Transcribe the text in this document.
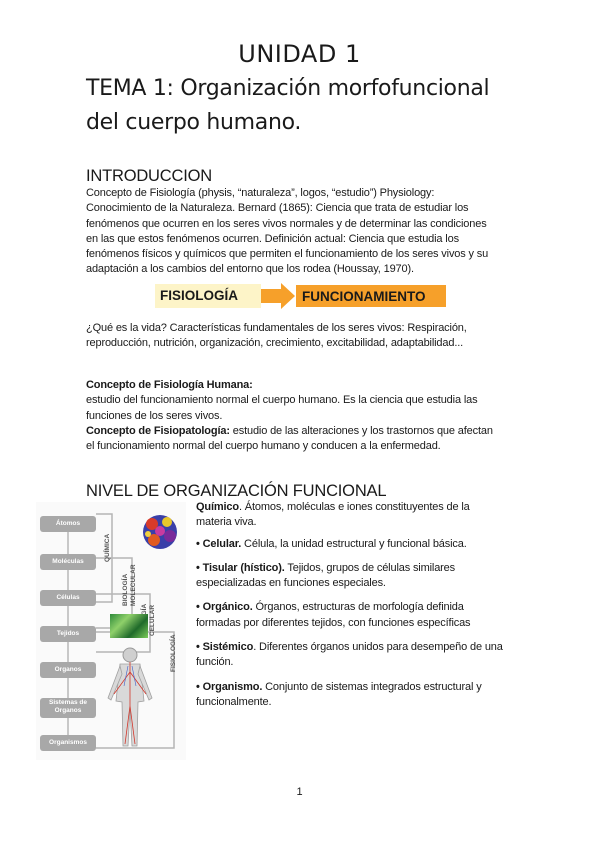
UNIDAD 1
TEMA 1: Organización morfofuncional
del cuerpo humano.
INTRODUCCION
Concepto de Fisiología (physis, “naturaleza”, logos, “estudio”) Physiology:
Conocimiento de la Naturaleza. Bernard (1865): Ciencia que trata de estudiar los
fenómenos que ocurren en los seres vivos normales y de determinar las condiciones
en las que estos fenómenos ocurren. Definición actual: Ciencia que estudia los
fenómenos físicos y químicos que permiten el funcionamiento de los seres vivos y su
adaptación a los cambios del entorno que los rodea (Houssay, 1970).
FISIOLOGÍA	FUNCIONAMIENTO
¿Qué es la vida? Características fundamentales de los seres vivos: Respiración,
reproducción, nutrición, organización, crecimiento, excitabilidad, adaptabilidad...
Concepto de Fisiología Humana:
estudio del funcionamiento normal el cuerpo humano. Es la ciencia que estudia las
funciones de los seres vivos.
Concepto de Fisiopatología: estudio de las alteraciones y los trastornos que afectan
el funcionamiento normal del cuerpo humano y conducen a la enfermedad.
NIVEL DE ORGANIZACIÓN FUNCIONAL
Átomos
Moléculas
Células
Tejidos
Organos
Sistemas de Organos
Organismos
QUÍMICA
BIOLOGÍA MOLECULAR
CELULAR
FISIOLOGÍA
Químico. Átomos, moléculas e iones constituyentes de la
materia viva.
• Celular. Célula, la unidad estructural y funcional básica.
• Tisular (hístico). Tejidos, grupos de células similares
especializadas en funciones especiales.
• Orgánico. Órganos, estructuras de morfología definida
formadas por diferentes tejidos, con funciones específicas
• Sistémico. Diferentes órganos unidos para desempeño de una
función.
• Organismo. Conjunto de sistemas integrados estructural y
funcionalmente.
1
